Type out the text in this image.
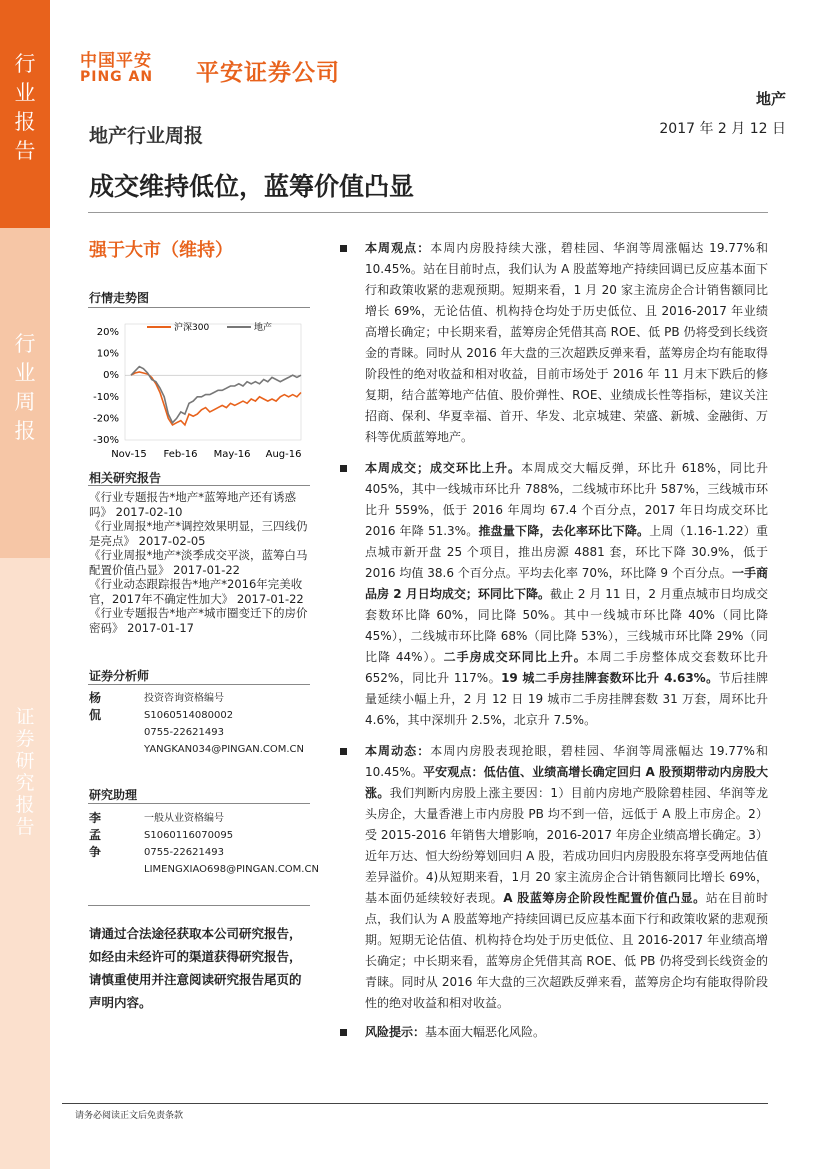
行
业
报
告
行
业
周
报
证
券
研
究
报
告
中国平安
PING AN 平安证券公司
地产
2017 年 2 月 12 日
地产行业周报
成交维持低位，蓝筹价值凸显
强于大市（维持）
行情走势图
20%
10%
0%
-10%
-20%
-30%
沪深300	地产
Nov-15 Feb-16 May-16 Aug-16
相关研究报告
《行业专题报告*地产*蓝筹地产还有诱惑吗》 2017-02-10
《行业周报*地产*调控效果明显，三四线仍是亮点》 2017-02-05
《行业周报*地产*淡季成交平淡，蓝筹白马配置价值凸显》 2017-01-22
《行业动态跟踪报告*地产*2016年完美收官，2017年不确定性加大》 2017-01-22
《行业专题报告*地产*城市圈变迁下的房价密码》 2017-01-17
证券分析师
杨侃
投资咨询资格编号
S1060514080002
0755-22621493
YANGKAN034@PINGAN.COM.CN
研究助理
李孟争
一般从业资格编号
S1060116070095
0755-22621493
LIMENGXIAO698@PINGAN.COM.CN
请通过合法途径获取本公司研究报告，如经由未经许可的渠道获得研究报告，请慎重使用并注意阅读研究报告尾页的声明内容。
本周观点：本周内房股持续大涨，碧桂园、华润等周涨幅达 19.77%和 10.45%。站在目前时点，我们认为 A 股蓝筹地产持续回调已反应基本面下行和政策收紧的悲观预期。短期来看，1 月 20 家主流房企合计销售额同比增长 69%，无论估值、机构持仓均处于历史低位、且 2016-2017 年业绩高增长确定；中长期来看，蓝筹房企凭借其高 ROE、低 PB 仍将受到长线资金的青睐。同时从 2016 年大盘的三次超跌反弹来看，蓝筹房企均有能取得阶段性的绝对收益和相对收益，目前市场处于 2016 年 11 月末下跌后的修复期，结合蓝筹地产估值、股价弹性、ROE、业绩成长性等指标，建议关注招商、保利、华夏幸福、首开、华发、北京城建、荣盛、新城、金融街、万科等优质蓝筹地产。
本周成交；成交环比上升。本周成交大幅反弹，环比升 618%，同比升 405%，其中一线城市环比升 788%，二线城市环比升 587%，三线城市环比升 559%，低于 2016 年周均 67.4 个百分点，2017 年日均成交环比 2016 年降 51.3%。推盘量下降，去化率环比下降。上周（1.16-1.22）重点城市新开盘 25 个项目，推出房源 4881 套，环比下降 30.9%，低于 2016 均值 38.6 个百分点。平均去化率 70%，环比降 9 个百分点。一手商品房 2 月日均成交；环同比下降。截止 2 月 11 日，2 月重点城市日均成交套数环比降 60%，同比降 50%。其中一线城市环比降 40%（同比降 45%），二线城市环比降 68%（同比降 53%），三线城市环比降 29%（同比降 44%）。二手房成交环同比上升。本周二手房整体成交套数环比升 652%，同比升 117%。19 城二手房挂牌套数环比升 4.63%。节后挂牌量延续小幅上升，2 月 12 日 19 城市二手房挂牌套数 31 万套，周环比升 4.6%，其中深圳升 2.5%，北京升 7.5%。
本周动态：本周内房股表现抢眼，碧桂园、华润等周涨幅达 19.77%和 10.45%。平安观点：低估值、业绩高增长确定回归 A 股预期带动内房股大涨。我们判断内房股上涨主要因：1）目前内房地产股除碧桂园、华润等龙头房企，大量香港上市内房股 PB 均不到一倍，远低于 A 股上市房企。2）受 2015-2016 年销售大增影响，2016-2017 年房企业绩高增长确定。3）近年万达、恒大纷纷筹划回归 A 股，若成功回归内房股股东将享受两地估值差异溢价。4)从短期来看，1月 20 家主流房企合计销售额同比增长 69%，基本面仍延续较好表现。A 股蓝筹房企阶段性配置价值凸显。站在目前时点，我们认为 A 股蓝筹地产持续回调已反应基本面下行和政策收紧的悲观预期。短期无论估值、机构持仓均处于历史低位、且 2016-2017 年业绩高增长确定；中长期来看，蓝筹房企凭借其高 ROE、低 PB 仍将受到长线资金的青睐。同时从 2016 年大盘的三次超跌反弹来看，蓝筹房企均有能取得阶段性的绝对收益和相对收益。
风险提示：基本面大幅恶化风险。
请务必阅读正文后免责条款
